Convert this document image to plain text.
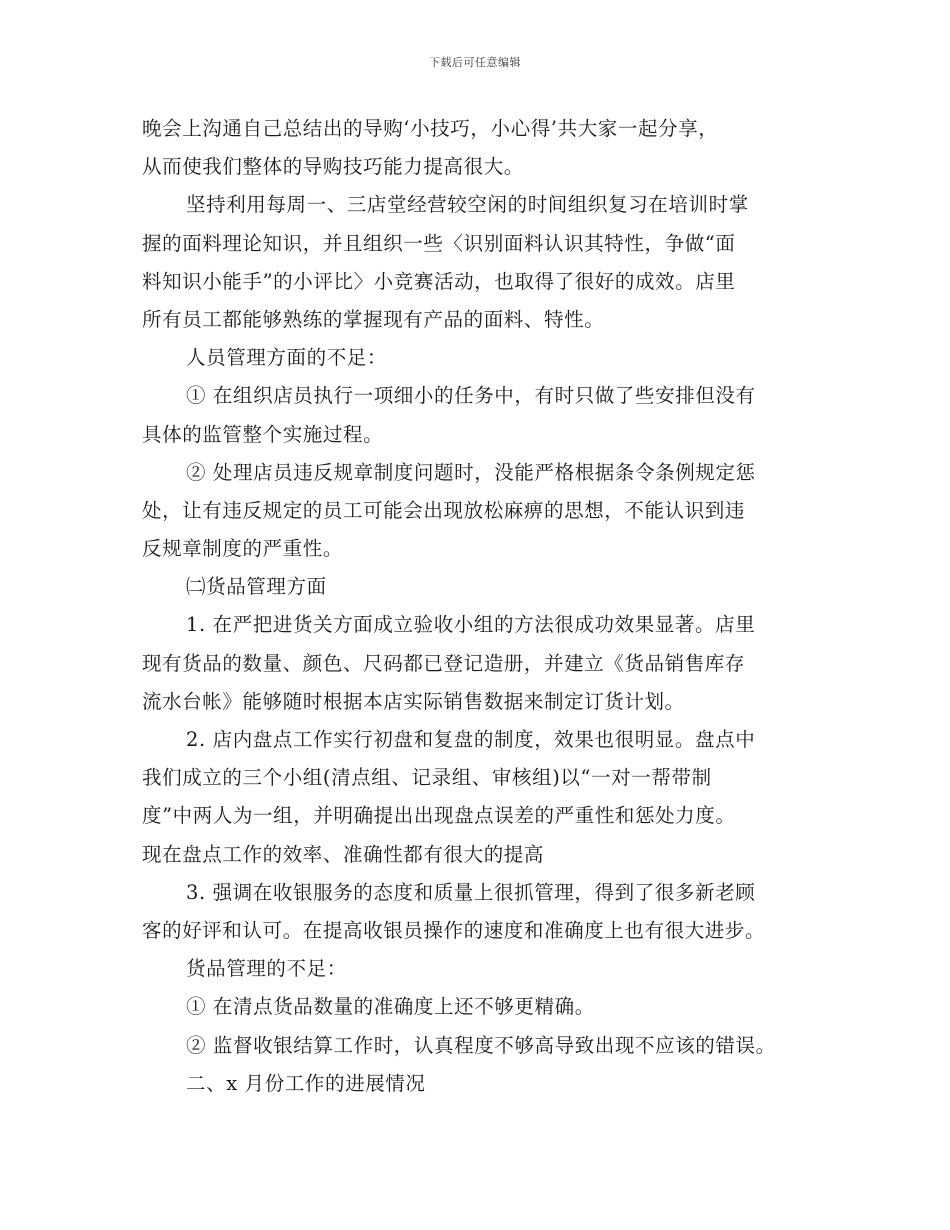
下载后可任意编辑
晚会上沟通自己总结出的导购‘小技巧，小心得’共大家一起分享，
从而使我们整体的导购技巧能力提高很大。
坚持利用每周一、三店堂经营较空闲的时间组织复习在培训时掌
握的面料理论知识，并且组织一些〈识别面料认识其特性，争做“面
料知识小能手”的小评比〉小竞赛活动，也取得了很好的成效。店里
所有员工都能够熟练的掌握现有产品的面料、特性。
人员管理方面的不足：
① 在组织店员执行一项细小的任务中，有时只做了些安排但没有
具体的监管整个实施过程。
② 处理店员违反规章制度问题时，没能严格根据条令条例规定惩
处，让有违反规定的员工可能会出现放松麻痹的思想，不能认识到违
反规章制度的严重性。
㈡货品管理方面
1. 在严把进货关方面成立验收小组的方法很成功效果显著。店里
现有货品的数量、颜色、尺码都已登记造册，并建立《货品销售库存
流水台帐》能够随时根据本店实际销售数据来制定订货计划。
2. 店内盘点工作实行初盘和复盘的制度，效果也很明显。盘点中
我们成立的三个小组(清点组、记录组、审核组)以“一对一帮带制
度”中两人为一组，并明确提出出现盘点误差的严重性和惩处力度。
现在盘点工作的效率、准确性都有很大的提高
3. 强调在收银服务的态度和质量上很抓管理，得到了很多新老顾
客的好评和认可。在提高收银员操作的速度和准确度上也有很大进步。
货品管理的不足：
① 在清点货品数量的准确度上还不够更精确。
② 监督收银结算工作时，认真程度不够高导致出现不应该的错误。
二、x 月份工作的进展情况
